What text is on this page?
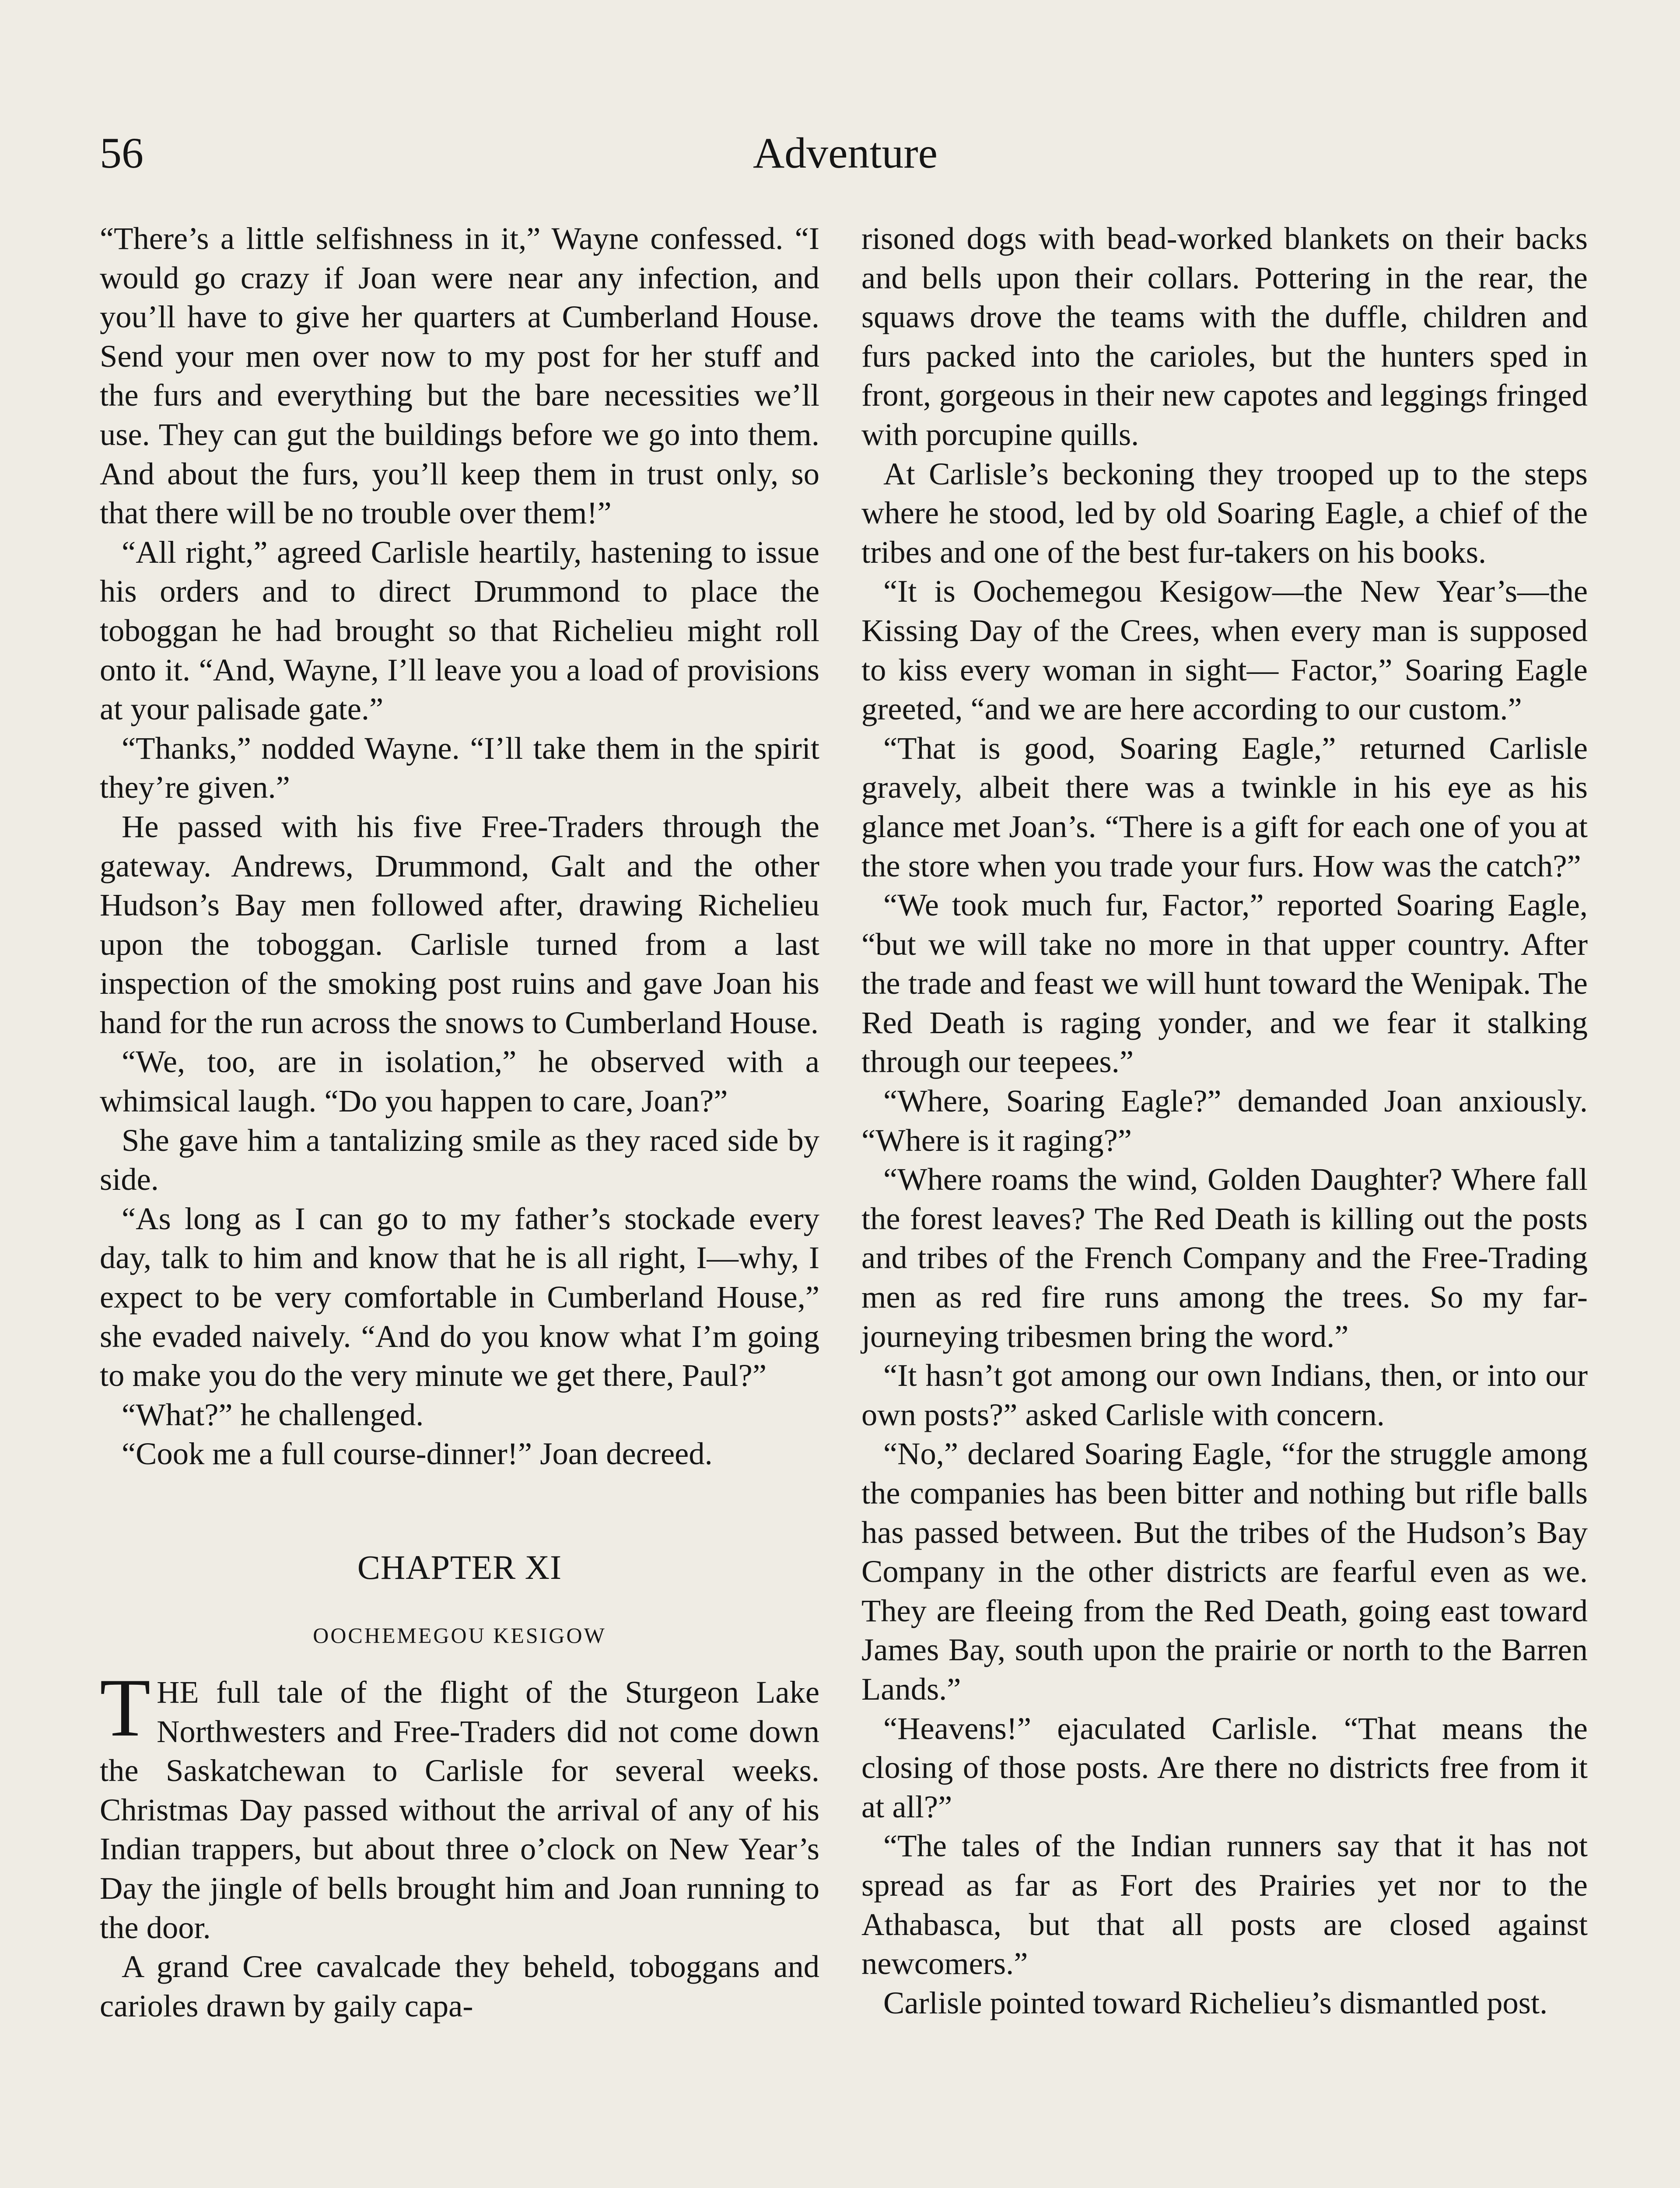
56	Adventure

“There’s a little selfishness in it,” Wayne confessed. “I would go crazy if Joan were near any infection, and you’ll have to give her quarters at Cumberland House. Send your men over now to my post for her stuff and the furs and everything but the bare necessities we’ll use. They can gut the buildings before we go into them. And about the furs, you’ll keep them in trust only, so that there will be no trouble over them!”

“All right,” agreed Carlisle heartily, hastening to issue his orders and to direct Drummond to place the toboggan he had brought so that Richelieu might roll onto it. “And, Wayne, I’ll leave you a load of provisions at your palisade gate.”

“Thanks,” nodded Wayne. “I’ll take them in the spirit they’re given.”

He passed with his five Free-Traders through the gateway. Andrews, Drummond, Galt and the other Hudson’s Bay men followed after, drawing Richelieu upon the toboggan. Carlisle turned from a last inspection of the smoking post ruins and gave Joan his hand for the run across the snows to Cumberland House.

“We, too, are in isolation,” he observed with a whimsical laugh. “Do you happen to care, Joan?”

She gave him a tantalizing smile as they raced side by side.

“As long as I can go to my father’s stockade every day, talk to him and know that he is all right, I—why, I expect to be very comfortable in Cumberland House,” she evaded naively. “And do you know what I’m going to make you do the very minute we get there, Paul?”

“What?” he challenged.

“Cook me a full course-dinner!” Joan decreed.

CHAPTER XI
OOCHEMEGOU KESIGOW

THE full tale of the flight of the Sturgeon Lake Northwesters and Free-Traders did not come down the Saskatchewan to Carlisle for several weeks. Christmas Day passed without the arrival of any of his Indian trappers, but about three o’clock on New Year’s Day the jingle of bells brought him and Joan running to the door.

A grand Cree cavalcade they beheld, toboggans and carioles drawn by gaily capa-

risoned dogs with bead-worked blankets on their backs and bells upon their collars. Pottering in the rear, the squaws drove the teams with the duffle, children and furs packed into the carioles, but the hunters sped in front, gorgeous in their new capotes and leggings fringed with porcupine quills.

At Carlisle’s beckoning they trooped up to the steps where he stood, led by old Soaring Eagle, a chief of the tribes and one of the best fur-takers on his books.

“It is Oochemegou Kesigow—the New Year’s—the Kissing Day of the Crees, when every man is supposed to kiss every woman in sight— Factor,” Soaring Eagle greeted, “and we are here according to our custom.”

“That is good, Soaring Eagle,” returned Carlisle gravely, albeit there was a twinkle in his eye as his glance met Joan’s. “There is a gift for each one of you at the store when you trade your furs. How was the catch?”

“We took much fur, Factor,” reported Soaring Eagle, “but we will take no more in that upper country. After the trade and feast we will hunt toward the Wenipak. The Red Death is raging yonder, and we fear it stalking through our teepees.”

“Where, Soaring Eagle?” demanded Joan anxiously. “Where is it raging?”

“Where roams the wind, Golden Daughter? Where fall the forest leaves? The Red Death is killing out the posts and tribes of the French Company and the Free-Trading men as red fire runs among the trees. So my far-journeying tribesmen bring the word.”

“It hasn’t got among our own Indians, then, or into our own posts?” asked Carlisle with concern.

“No,” declared Soaring Eagle, “for the struggle among the companies has been bitter and nothing but rifle balls has passed between. But the tribes of the Hudson’s Bay Company in the other districts are fearful even as we. They are fleeing from the Red Death, going east toward James Bay, south upon the prairie or north to the Barren Lands.”

“Heavens!” ejaculated Carlisle. “That means the closing of those posts. Are there no districts free from it at all?”

“The tales of the Indian runners say that it has not spread as far as Fort des Prairies yet nor to the Athabasca, but that all posts are closed against newcomers.”

Carlisle pointed toward Richelieu’s dismantled post.
